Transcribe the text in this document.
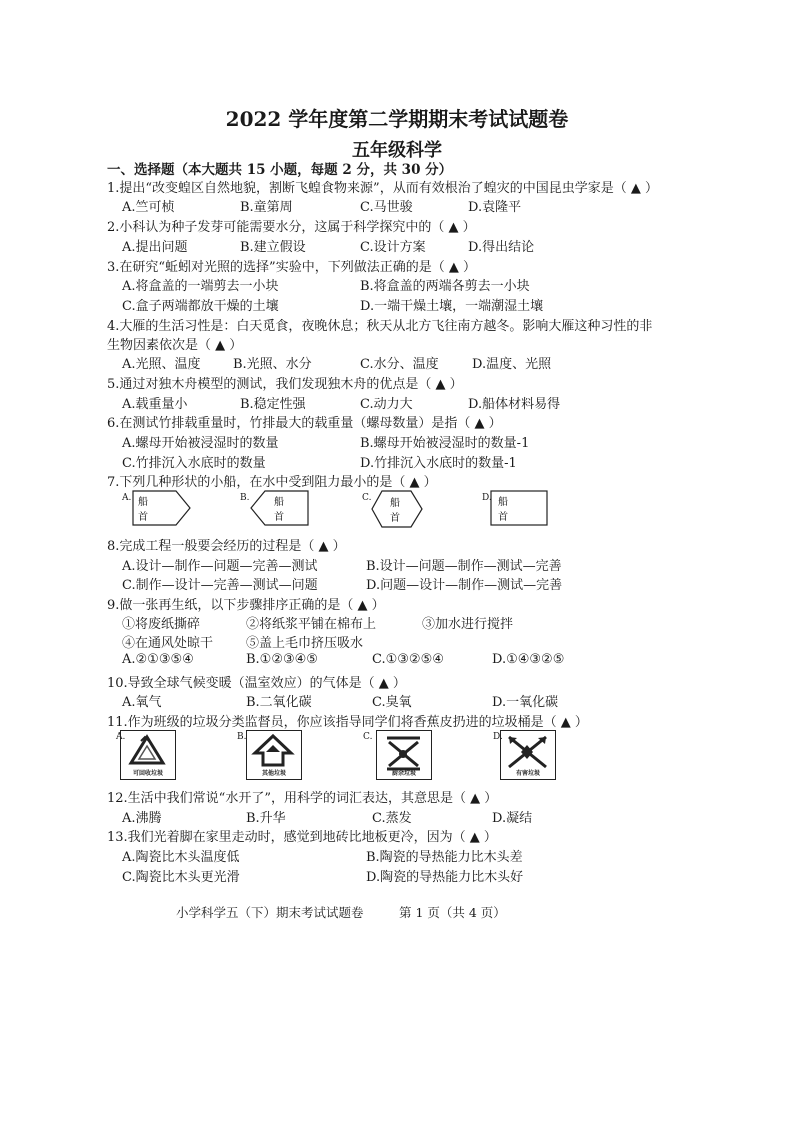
2022 学年度第二学期期末考试试题卷
五年级科学
一、选择题（本大题共 15 小题，每题 2 分，共 30 分）
1.提出“改变蝗区自然地貌，割断飞蝗食物来源”，从而有效根治了蝗灾的中国昆虫学家是（ ▲ ）
A.竺可桢	B.童第周	C.马世骏	D.袁隆平
2.小科认为种子发芽可能需要水分，这属于科学探究中的（ ▲ ）
A.提出问题	B.建立假设	C.设计方案	D.得出结论
3.在研究“蚯蚓对光照的选择”实验中，下列做法正确的是（ ▲ ）
A.将盒盖的一端剪去一小块	B.将盒盖的两端各剪去一小块
C.盒子两端都放干燥的土壤	D.一端干燥土壤，一端潮湿土壤
4.大雁的生活习性是：白天觅食，夜晚休息；秋天从北方飞往南方越冬。影响大雁这种习性的非
生物因素依次是（ ▲ ）
A.光照、温度 B.光照、水分	C.水分、温度	D.温度、光照
5.通过对独木舟模型的测试，我们发现独木舟的优点是（ ▲ ）
A.载重量小	B.稳定性强	C.动力大	D.船体材料易得
6.在测试竹排载重量时，竹排最大的载重量（螺母数量）是指（ ▲ ）
A.螺母开始被浸湿时的数量	B.螺母开始被浸湿时的数量-1
C.竹排沉入水底时的数量	D.竹排沉入水底时的数量-1
7.下列几种形状的小船，在水中受到阻力最小的是（ ▲ ）
8.完成工程一般要会经历的过程是（ ▲ ）
A.设计—制作—问题—完善—测试	B.设计—问题—制作—测试—完善
C.制作—设计—完善—测试—问题	D.问题—设计—制作—测试—完善
9.做一张再生纸，以下步骤排序正确的是（ ▲ ）
①将废纸撕碎	②将纸浆平铺在棉布上	③加水进行搅拌
④在通风处晾干	⑤盖上毛巾挤压吸水
A.②①③⑤④	B.①②③④⑤	C.①③②⑤④	D.①④③②⑤
10.导致全球气候变暖（温室效应）的气体是（ ▲ ）
A.氧气	B.二氧化碳	C.臭氧	D.一氧化碳
11.作为班级的垃圾分类监督员，你应该指导同学们将香蕉皮扔进的垃圾桶是（ ▲ ）
12.生活中我们常说“水开了”，用科学的词汇表达，其意思是（ ▲ ）
A.沸腾	B.升华	C.蒸发	D.凝结
13.我们光着脚在家里走动时，感觉到地砖比地板更冷，因为（ ▲ ）
A.陶瓷比木头温度低	B.陶瓷的导热能力比木头差
C.陶瓷比木头更光滑	D.陶瓷的导热能力比木头好
A. 船
首
B. 船
首
C. 船
首
D. 船
首
A.
可回收垃圾
B.
其他垃圾
C.
厨余垃圾
D.
有害垃圾
小学科学五（下）期末考试试题卷	第 1 页（共 4 页）
